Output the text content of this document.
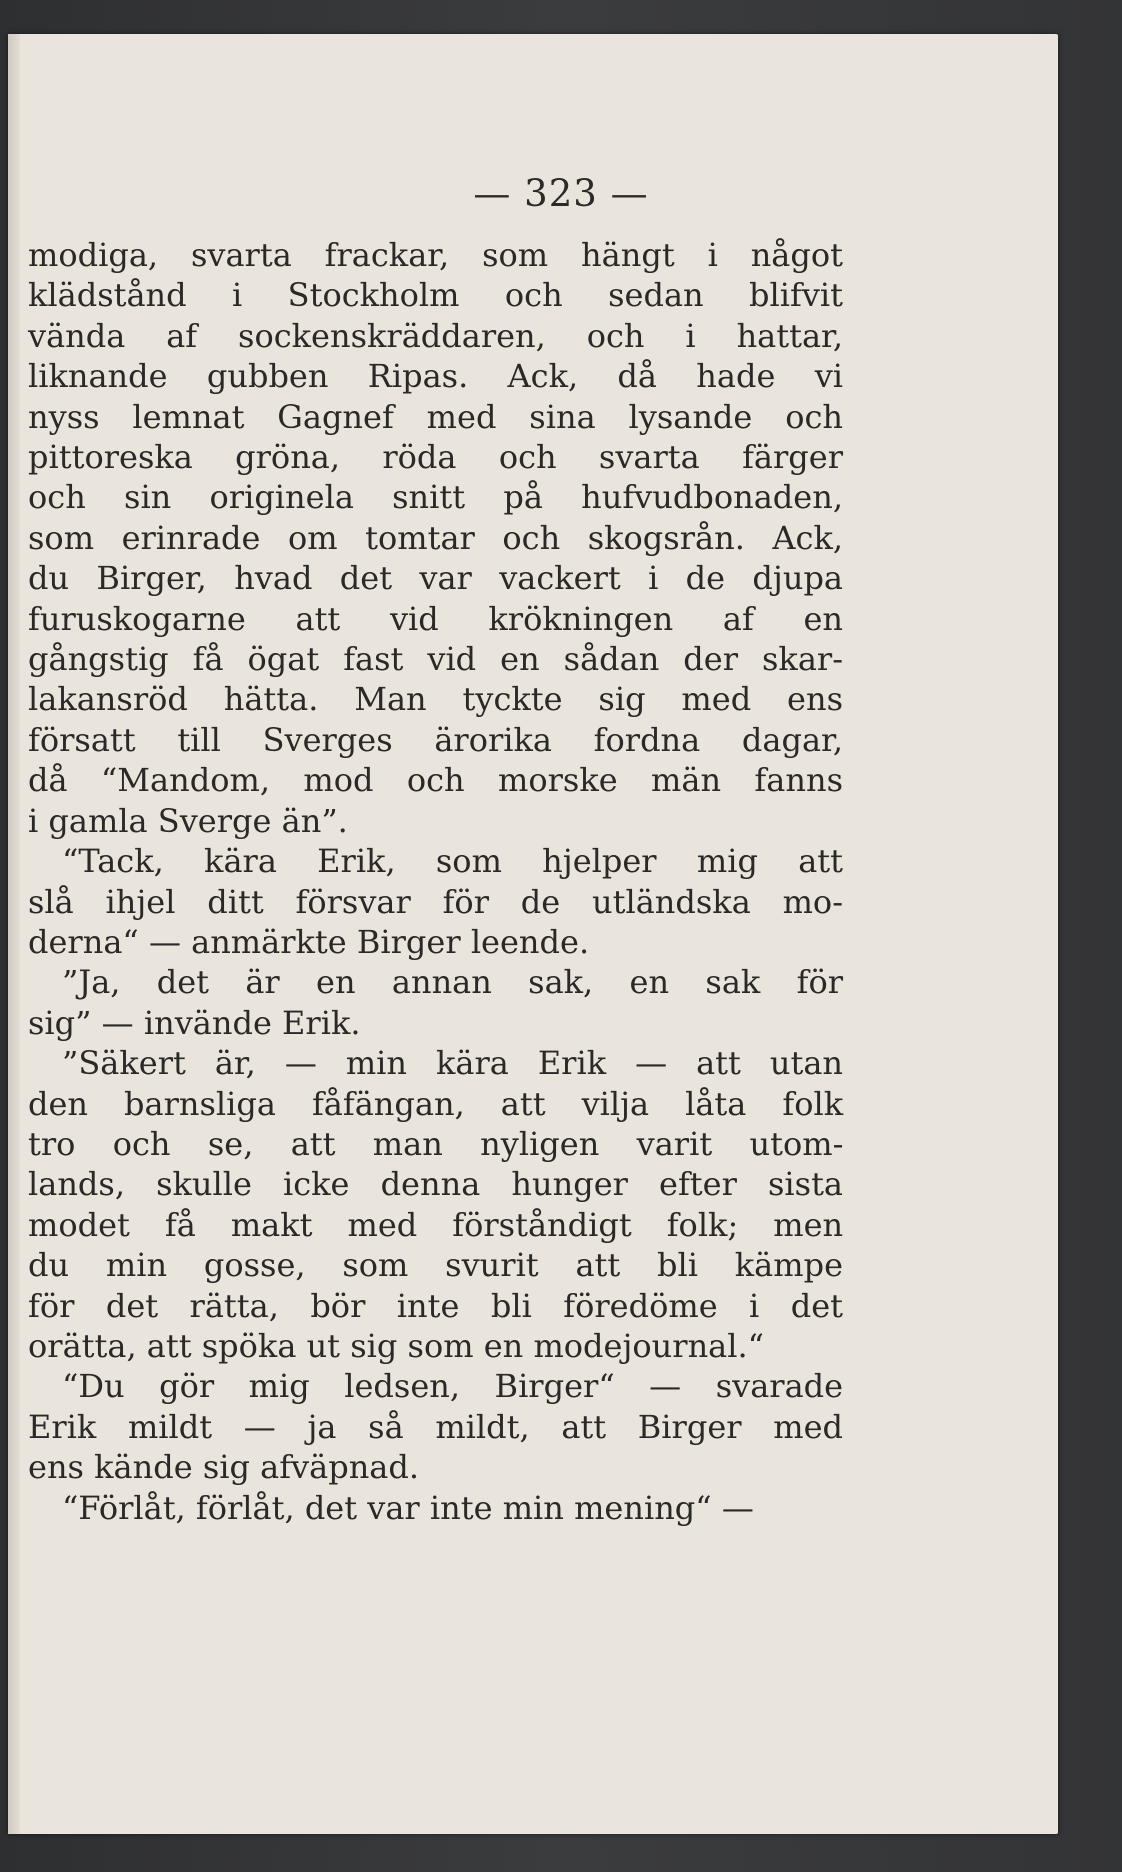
— 323 —
modiga, svarta frackar, som hängt i något
klädstånd i Stockholm och sedan blifvit
vända af sockenskräddaren, och i hattar,
liknande gubben Ripas. Ack, då hade vi
nyss lemnat Gagnef med sina lysande och
pittoreska gröna, röda och svarta färger
och sin originela snitt på hufvudbonaden,
som erinrade om tomtar och skogsrån. Ack,
du Birger, hvad det var vackert i de djupa
furuskogarne att vid krökningen af en
gångstig få ögat fast vid en sådan der skar-
lakansröd hätta. Man tyckte sig med ens
försatt till Sverges ärorika fordna dagar,
då “Mandom, mod och morske män fanns
i gamla Sverge än”.
“Tack, kära Erik, som hjelper mig att
slå ihjel ditt försvar för de utländska mo-
derna“ — anmärkte Birger leende.
”Ja, det är en annan sak, en sak för
sig” — invände Erik.
”Säkert är, — min kära Erik — att utan
den barnsliga fåfängan, att vilja låta folk
tro och se, att man nyligen varit utom-
lands, skulle icke denna hunger efter sista
modet få makt med förståndigt folk; men
du min gosse, som svurit att bli kämpe
för det rätta, bör inte bli föredöme i det
orätta, att spöka ut sig som en modejournal.“
“Du gör mig ledsen, Birger“ — svarade
Erik mildt — ja så mildt, att Birger med
ens kände sig afväpnad.
“Förlåt, förlåt, det var inte min mening“ —
